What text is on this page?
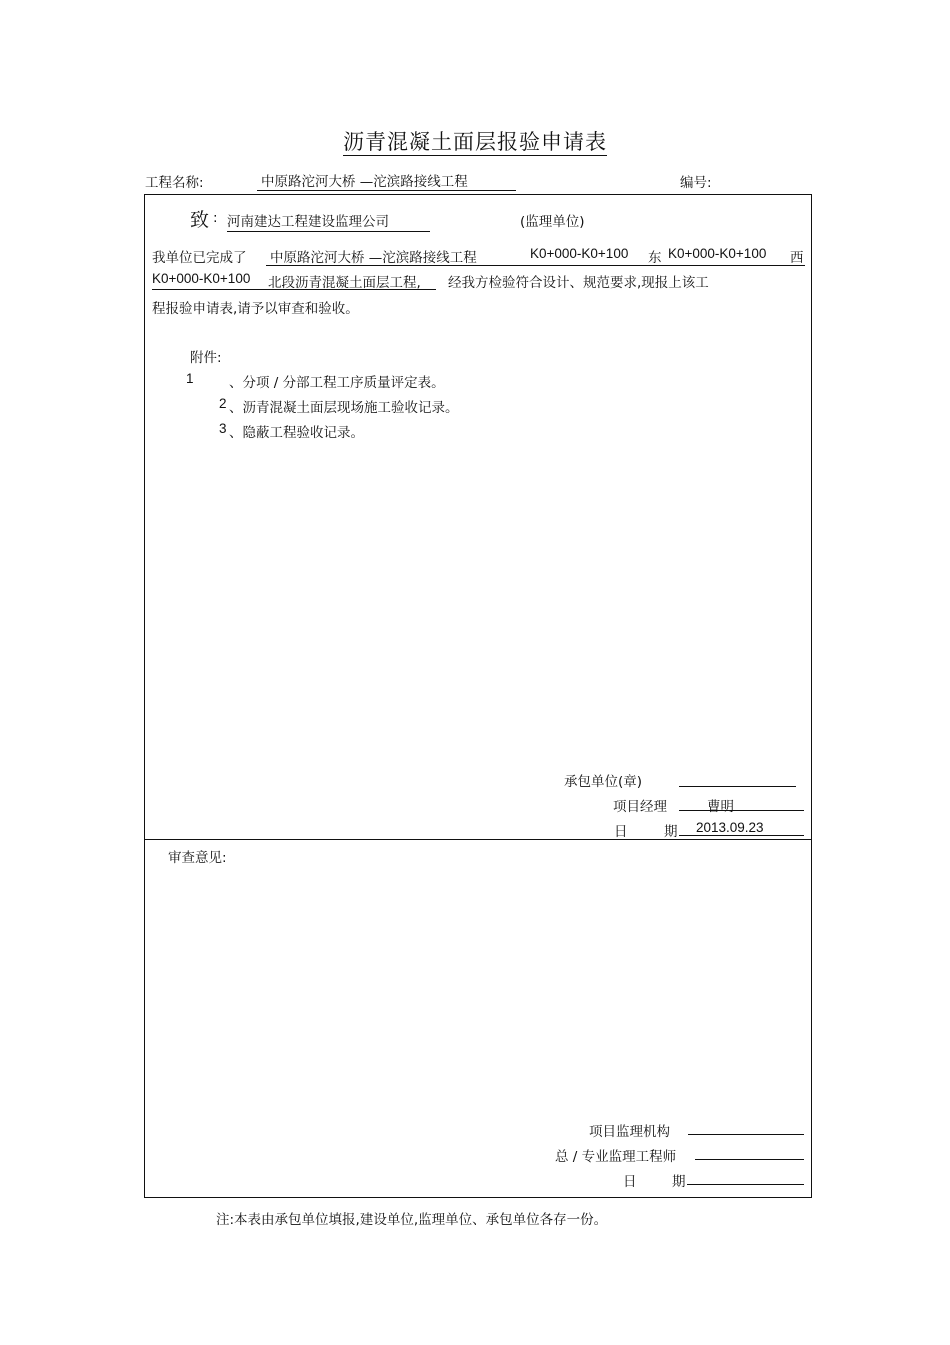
沥青混凝土面层报验申请表
工程名称:	中原路沱河大桥 —沱滨路接线工程	编号:
致 : 河南建达工程建设监理公司	(监理单位)
我单位已完成了 中原路沱河大桥 —沱滨路接线工程	K0+000-K0+100 东 K0+000-K0+100 西
K0+000-K0+100 北段沥青混凝土面层工程, 经我方检验符合设计、规范要求,现报上该工
程报验申请表,请予以审查和验收。
附件:
1	、分项 / 分部工程工序质量评定表。
2 、沥青混凝土面层现场施工验收记录。
3 、隐蔽工程验收记录。
承包单位(章)
项目经理	曹明
日	期	2013.09.23
审查意见:
项目监理机构
总 / 专业监理工程师
日	期
注:本表由承包单位填报,建设单位,监理单位、承包单位各存一份。
